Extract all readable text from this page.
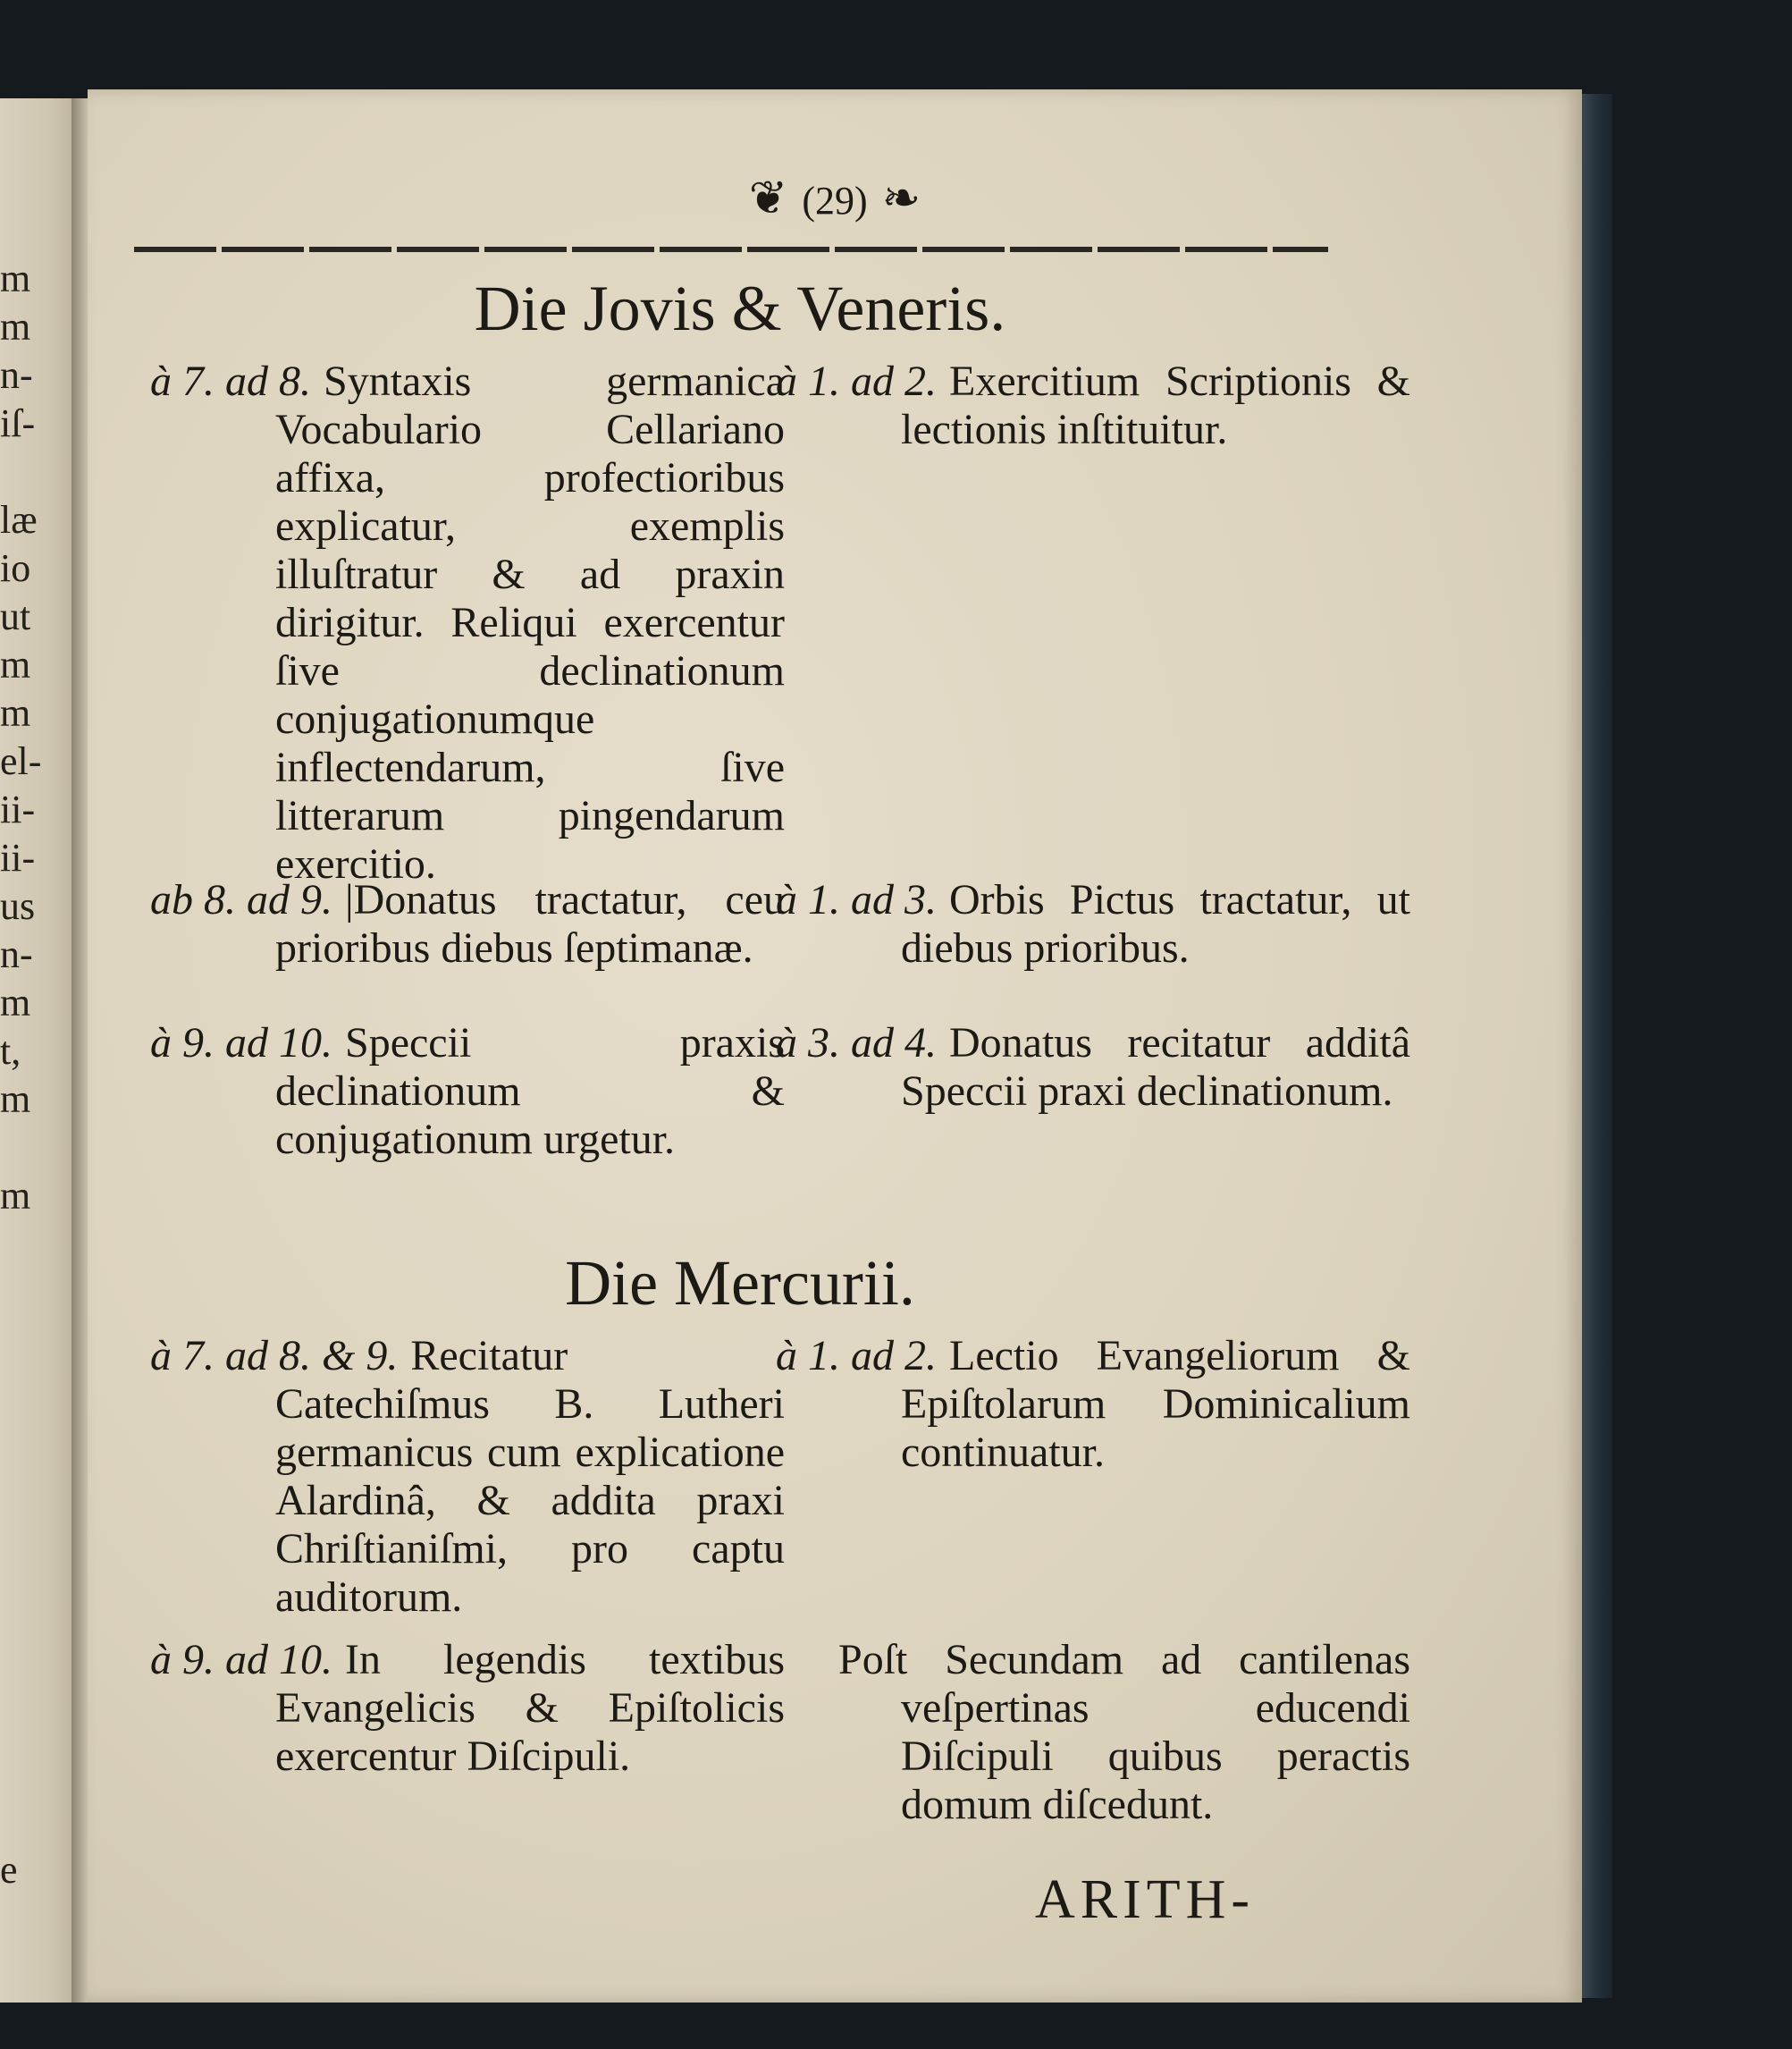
m
m
n-
iſ-
læ
io
ut
m
m
el-
ii-
ii-
us
n-
m
t,
m
m
e
❦ (29) ❧
Die Jovis & Veneris.
à 7. ad 8. Syntaxis germanica Vocabulario Cellariano affixa, profectioribus explicatur, exemplis illuſtratur & ad praxin dirigitur. Reliqui exercentur ſive declinationum conjugationumque inflectendarum, ſive litterarum pingendarum exercitio.
ab 8. ad 9. |Donatus tractatur, ceu prioribus diebus ſeptimanæ.
à 9. ad 10. Speccii praxis declinationum & conjugationum urgetur.
à 1. ad 2. Exercitium Scriptionis & lectionis inſtituitur.
à 1. ad 3. Orbis Pictus tractatur, ut diebus prioribus.
à 3. ad 4. Donatus recitatur additâ Speccii praxi declinationum.
Die Mercurii.
à 7. ad 8. & 9. Recitatur Catechiſmus B. Lutheri germanicus cum explicatione Alardinâ, & addita praxi Chriſtianiſmi, pro captu auditorum.
à 9. ad 10. In legendis textibus Evangelicis & Epiſtolicis exercentur Diſcipuli.
à 1. ad 2. Lectio Evangeliorum & Epiſtolarum Dominicalium continuatur.
Poſt Secundam ad cantilenas veſpertinas educendi Diſcipuli quibus peractis domum diſcedunt.
ARITH-
